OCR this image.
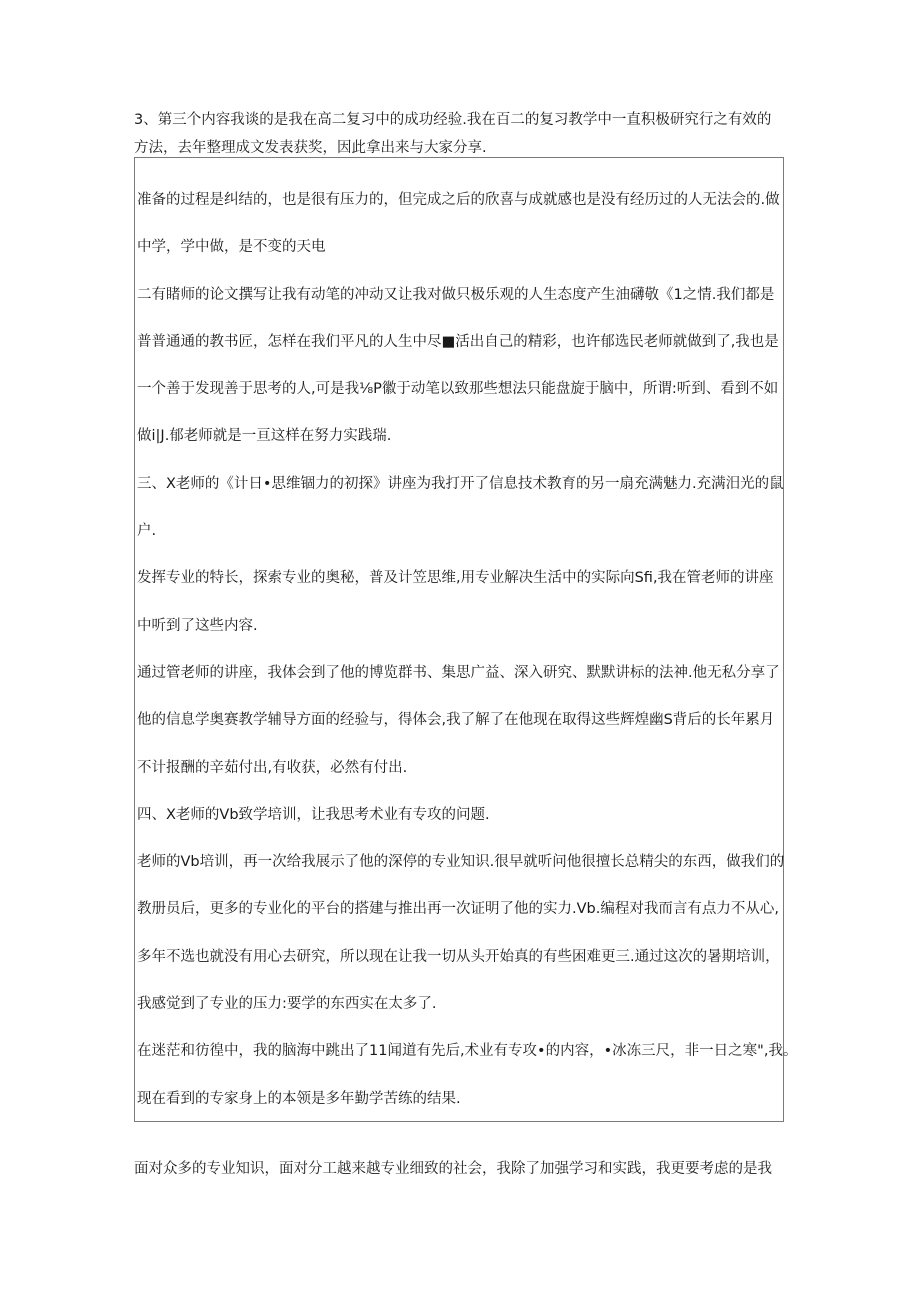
3、第三个内容我谈的是我在高二复习中的成功经验.我在百二的复习教学中一直积极研究行之有效的
方法，去年整理成文发表获奖，因此拿出来与大家分享.
准备的过程是纠结的，也是很有压力的，但完成之后的欣喜与成就感也是没有经历过的人无法会的.做
中学，学中做，是不变的天电
二有睹师的论文撰写让我有动笔的冲动又让我对做只极乐观的人生态度产生油礴敬《1之情.我们都是
普普通通的教书匠，怎样在我们平凡的人生中尽■活出自己的精彩，也许郁选民老师就做到了,我也是
一个善于发现善于思考的人,可是我⅛P徽于动笔以致那些想法只能盘旋于脑中，所谓:听到、看到不如
做i|J.郁老师就是一亘这样在努力实践瑞.
三、X老师的《计日•思维锢力的初探》讲座为我打开了信息技术教育的另一扇充满魅力.充满汨光的鼠
户.
发挥专业的特长，探索专业的奥秘，普及计笠思维,用专业解决生活中的实际向Sfi,我在管老师的讲座
中听到了这些内容.
通过管老师的讲座，我体会到了他的博览群书、集思广益、深入研究、默默讲标的法神.他无私分享了
他的信息学奥赛教学辅导方面的经验与，得体会,我了解了在他现在取得这些辉煌幽S背后的长年累月
不计报酬的辛茹付出,有收获，必然有付出.
四、X老师的Vb致学培训，让我思考术业有专攻的问题.
老师的Vb培训，再一次给我展示了他的深停的专业知识.很早就听问他很擅长总精尖的东西，做我们的
教册员后，更多的专业化的平台的搭建与推出再一次证明了他的实力.Vb.编程对我而言有点力不从心,
多年不选也就没有用心去研究，所以现在让我一切从头开始真的有些困难更三.通过这次的暑期培训，
我感觉到了专业的压力:要学的东西实在太多了.
在迷茫和彷徨中，我的脑海中跳出了11闻道有先后,术业有专攻•的内容，•冰冻三尺，非一日之寒",我。
现在看到的专家身上的本领是多年勤学苦练的结果.
面对众多的专业知识，面对分工越来越专业细致的社会，我除了加强学习和实践，我更要考虑的是我
